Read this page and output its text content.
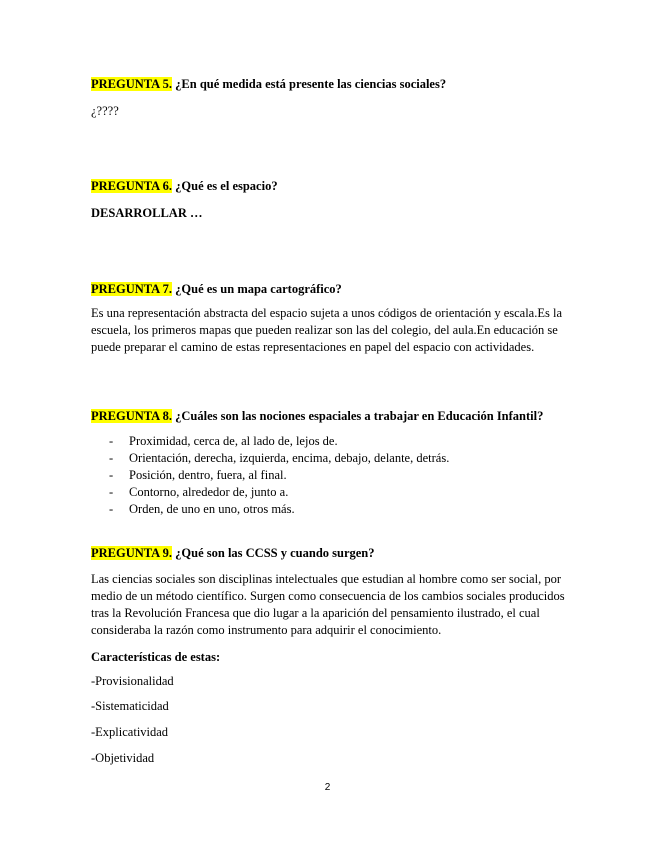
PREGUNTA 5. ¿En qué medida está presente las ciencias sociales?

¿????

PREGUNTA 6. ¿Qué es el espacio?

DESARROLLAR …

PREGUNTA 7. ¿Qué es un mapa cartográfico?

Es una representación abstracta del espacio sujeta a unos códigos de orientación y escala.Es la escuela, los primeros mapas que pueden realizar son las del colegio, del aula.En educación se puede preparar el camino de estas representaciones en papel del espacio con actividades.

PREGUNTA 8. ¿Cuáles son las nociones espaciales a trabajar en Educación Infantil?

- Proximidad, cerca de, al lado de, lejos de.
- Orientación, derecha, izquierda, encima, debajo, delante, detrás.
- Posición, dentro, fuera, al final.
- Contorno, alrededor de, junto a.
- Orden, de uno en uno, otros más.

PREGUNTA 9. ¿Qué son las CCSS y cuando surgen?

Las ciencias sociales son disciplinas intelectuales que estudian al hombre como ser social, por medio de un método científico. Surgen como consecuencia de los cambios sociales producidos tras la Revolución Francesa que dio lugar a la aparición del pensamiento ilustrado, el cual consideraba la razón como instrumento para adquirir el conocimiento.

Características de estas:

-Provisionalidad

-Sistematicidad

-Explicatividad

-Objetividad

2
